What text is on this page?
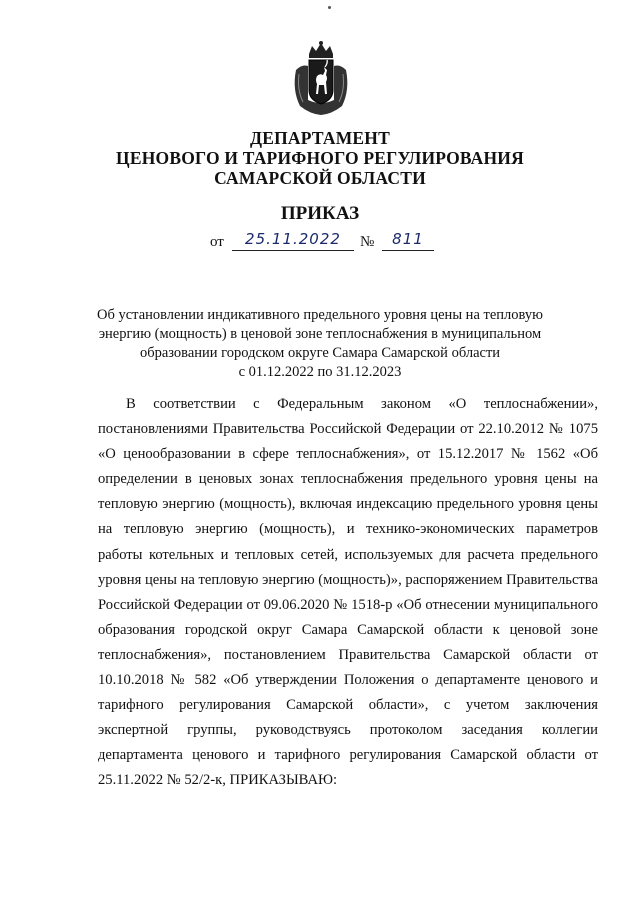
ДЕПАРТАМЕНТ
ЦЕНОВОГО И ТАРИФНОГО РЕГУЛИРОВАНИЯ
САМАРСКОЙ ОБЛАСТИ
ПРИКАЗ
от	25.11.2022	№	811
Об установлении индикативного предельного уровня цены на тепловую
энергию (мощность) в ценовой зоне теплоснабжения в муниципальном
образовании городском округе Самара Самарской области
с 01.12.2022 по 31.12.2023

В соответствии с Федеральным законом «О теплоснабжении», постановлениями Правительства Российской Федерации от 22.10.2012 № 1075 «О ценообразовании в сфере теплоснабжения», от 15.12.2017 № 1562 «Об определении в ценовых зонах теплоснабжения предельного уровня цены на тепловую энергию (мощность), включая индексацию предельного уровня цены на тепловую энергию (мощность), и технико-экономических параметров работы котельных и тепловых сетей, используемых для расчета предельного уровня цены на тепловую энергию (мощность)», распоряжением Правительства Российской Федерации от 09.06.2020 № 1518-р «Об отнесении муниципального образования городской округ Самара Самарской области к ценовой зоне теплоснабжения», постановлением Правительства Самарской области от 10.10.2018 № 582 «Об утверждении Положения о департаменте ценового и тарифного регулирования Самарской области», с учетом заключения экспертной группы, руководствуясь протоколом заседания коллегии департамента ценового и тарифного регулирования Самарской области от 25.11.2022 № 52/2-к, ПРИКАЗЫВАЮ:
